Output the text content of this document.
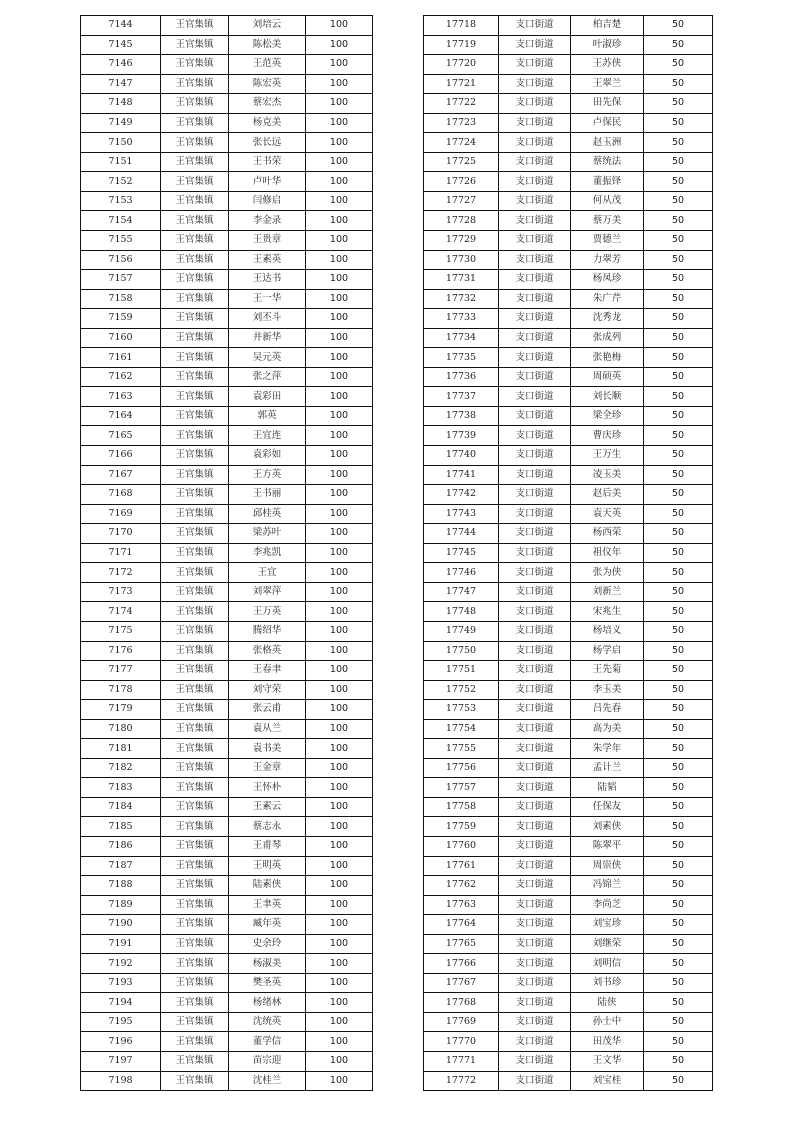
7144	王官集镇	刘培云	100
7145	王官集镇	陈松美	100
7146	王官集镇	王范英	100
7147	王官集镇	陈宏英	100
7148	王官集镇	蔡宏杰	100
7149	王官集镇	杨克美	100
7150	王官集镇	张长远	100
7151	王官集镇	王书荣	100
7152	王官集镇	卢叶华	100
7153	王官集镇	闫修启	100
7154	王官集镇	李金录	100
7155	王官集镇	王贵章	100
7156	王官集镇	王素英	100
7157	王官集镇	王达书	100
7158	王官集镇	王一华	100
7159	王官集镇	刘丕斗	100
7160	王官集镇	井新华	100
7161	王官集镇	吴元英	100
7162	王官集镇	张之萍	100
7163	王官集镇	袁彩田	100
7164	王官集镇	郭英	100
7165	王官集镇	王宜连	100
7166	王官集镇	袁彩如	100
7167	王官集镇	王方英	100
7168	王官集镇	王书丽	100
7169	王官集镇	邱桂英	100
7170	王官集镇	梁苏叶	100
7171	王官集镇	李兆凯	100
7172	王官集镇	王宜	100
7173	王官集镇	刘翠萍	100
7174	王官集镇	王万英	100
7175	王官集镇	腾绍华	100
7176	王官集镇	张格英	100
7177	王官集镇	王春聿	100
7178	王官集镇	刘守荣	100
7179	王官集镇	张云甫	100
7180	王官集镇	袁从兰	100
7181	王官集镇	袁书美	100
7182	王官集镇	王金章	100
7183	王官集镇	王怀朴	100
7184	王官集镇	王素云	100
7185	王官集镇	蔡志永	100
7186	王官集镇	王甫琴	100
7187	王官集镇	王明英	100
7188	王官集镇	陆素侠	100
7189	王官集镇	王聿英	100
7190	王官集镇	臧年英	100
7191	王官集镇	史余玲	100
7192	王官集镇	杨淑美	100
7193	王官集镇	樊圣英	100
7194	王官集镇	杨绪林	100
7195	王官集镇	沈统英	100
7196	王官集镇	董学信	100
7197	王官集镇	苗宗迎	100
7198	王官集镇	沈桂兰	100
17718	支口街道	柏吉楚	50
17719	支口街道	叶淑珍	50
17720	支口街道	王苏侠	50
17721	支口街道	王翠兰	50
17722	支口街道	田先保	50
17723	支口街道	卢保民	50
17724	支口街道	赵玉洲	50
17725	支口街道	蔡统法	50
17726	支口街道	董振铎	50
17727	支口街道	何从茂	50
17728	支口街道	蔡万美	50
17729	支口街道	贾德兰	50
17730	支口街道	力翠芳	50
17731	支口街道	杨凤珍	50
17732	支口街道	朱广芹	50
17733	支口街道	沈秀龙	50
17734	支口街道	张成列	50
17735	支口街道	张艳梅	50
17736	支口街道	周硕英	50
17737	支口街道	刘长顺	50
17738	支口街道	梁全珍	50
17739	支口街道	曹庆珍	50
17740	支口街道	王万生	50
17741	支口街道	凌玉美	50
17742	支口街道	赵后美	50
17743	支口街道	袁天英	50
17744	支口街道	杨西荣	50
17745	支口街道	祖仪年	50
17746	支口街道	张为侠	50
17747	支口街道	刘新兰	50
17748	支口街道	宋兆生	50
17749	支口街道	杨培义	50
17750	支口街道	杨学启	50
17751	支口街道	王先菊	50
17752	支口街道	李玉美	50
17753	支口街道	吕先春	50
17754	支口街道	高为美	50
17755	支口街道	朱学年	50
17756	支口街道	孟计兰	50
17757	支口街道	陆韬	50
17758	支口街道	任保友	50
17759	支口街道	刘素侠	50
17760	支口街道	陈翠平	50
17761	支口街道	周崇侠	50
17762	支口街道	冯锦兰	50
17763	支口街道	李尚芝	50
17764	支口街道	刘宝珍	50
17765	支口街道	刘继荣	50
17766	支口街道	刘明信	50
17767	支口街道	刘书珍	50
17768	支口街道	陆侠	50
17769	支口街道	孙士中	50
17770	支口街道	田茂华	50
17771	支口街道	王文华	50
17772	支口街道	刘宝桂	50
